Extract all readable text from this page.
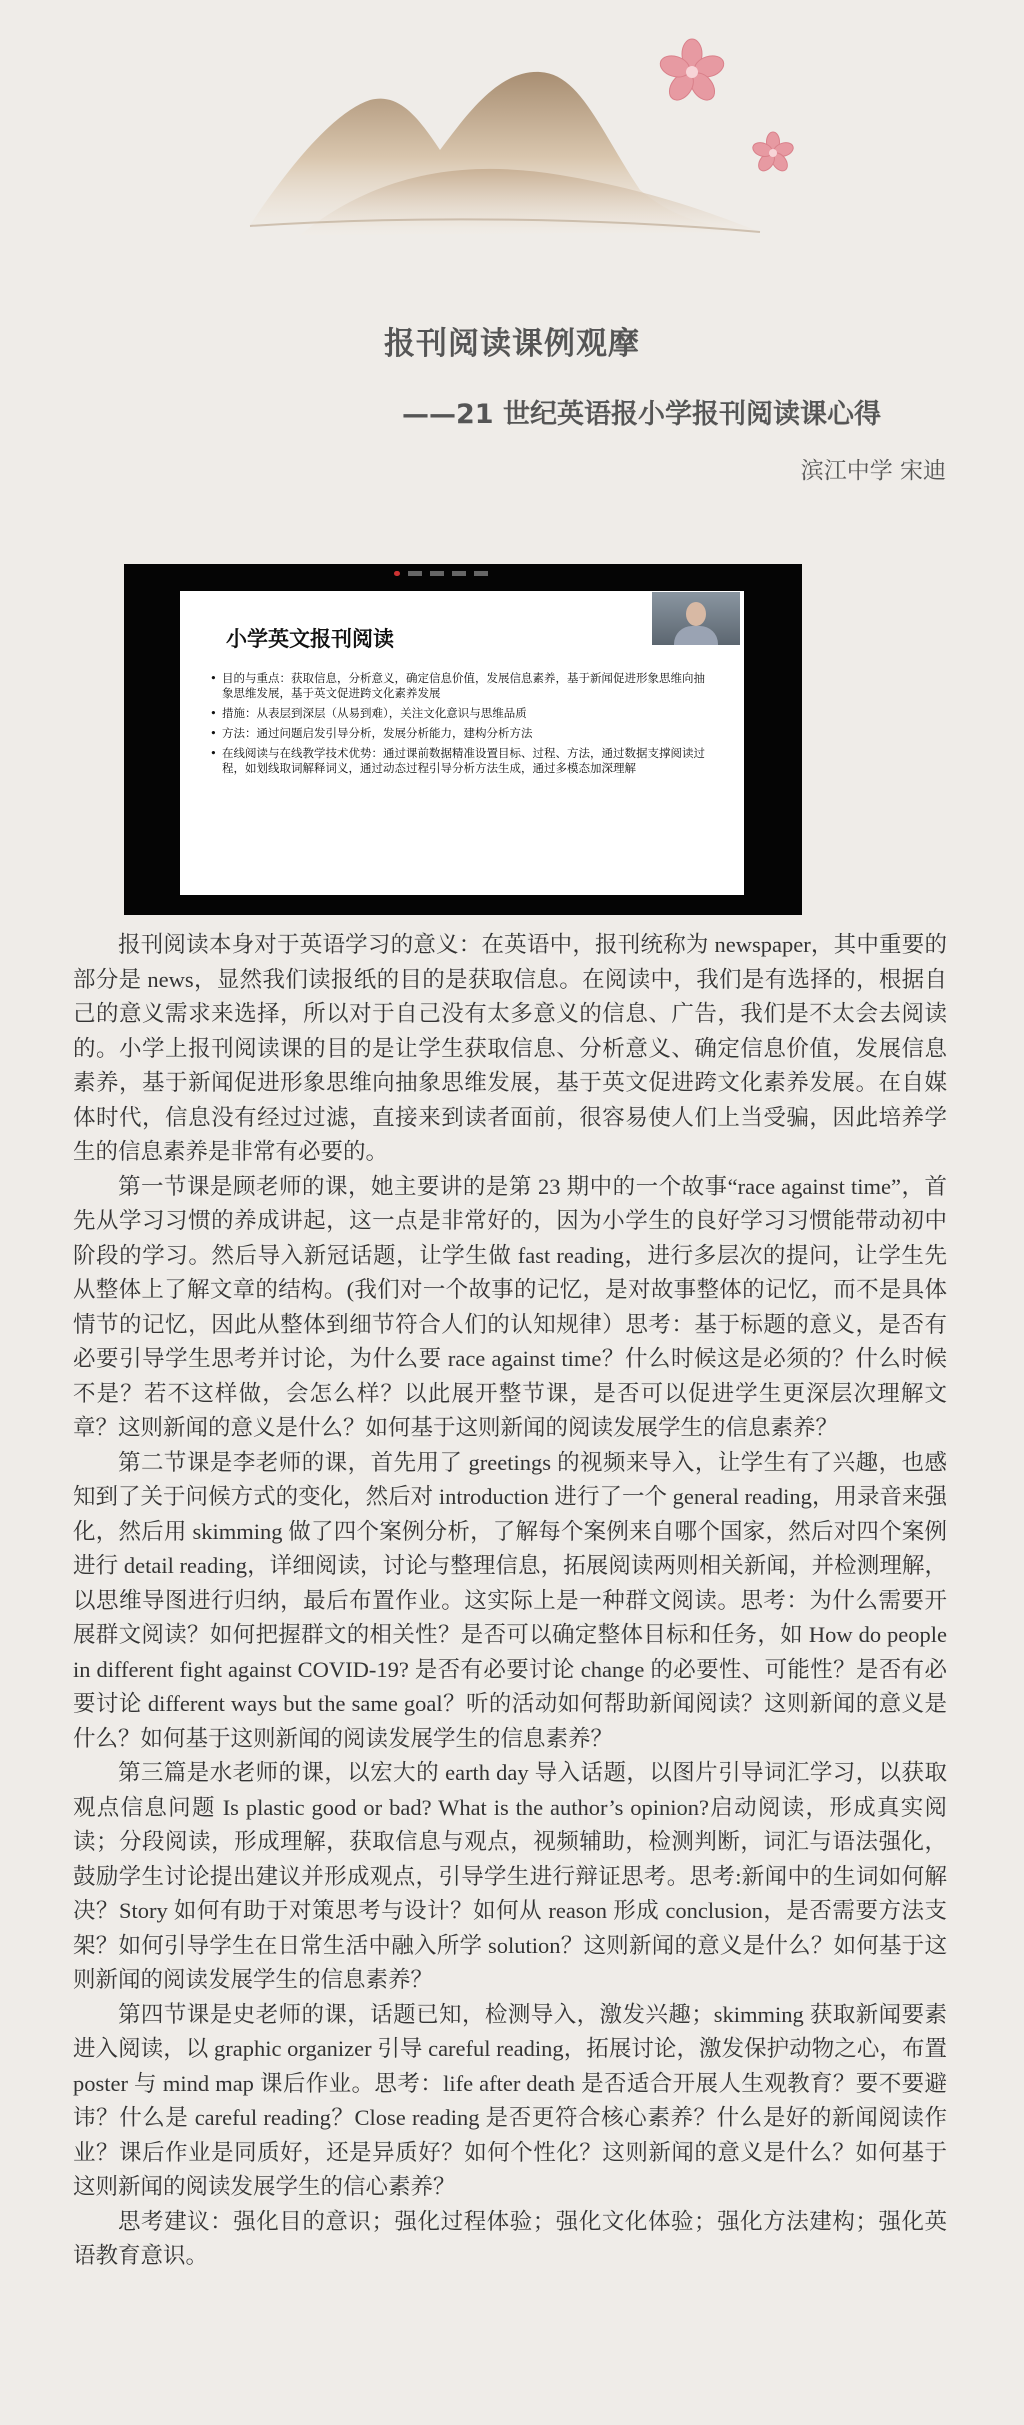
报刊阅读课例观摩
——21 世纪英语报小学报刊阅读课心得
滨江中学 宋迪
小学英文报刊阅读
• 目的与重点：获取信息，分析意义，确定信息价值，发展信息素养，基于新闻促进形象思维向抽象思维发展，基于英文促进跨文化素养发展
• 措施：从表层到深层（从易到难），关注文化意识与思维品质
• 方法：通过问题启发引导分析，发展分析能力，建构分析方法
• 在线阅读与在线教学技术优势：通过课前数据精准设置目标、过程、方法，通过数据支撑阅读过程，如划线取词解释词义，通过动态过程引导分析方法生成，通过多模态加深理解

报刊阅读本身对于英语学习的意义：在英语中，报刊统称为 newspaper，其中重要的部分是 news，显然我们读报纸的目的是获取信息。在阅读中，我们是有选择的，根据自己的意义需求来选择，所以对于自己没有太多意义的信息、广告，我们是不太会去阅读的。小学上报刊阅读课的目的是让学生获取信息、分析意义、确定信息价值，发展信息素养，基于新闻促进形象思维向抽象思维发展，基于英文促进跨文化素养发展。在自媒体时代，信息没有经过过滤，直接来到读者面前，很容易使人们上当受骗，因此培养学生的信息素养是非常有必要的。

第一节课是顾老师的课，她主要讲的是第 23 期中的一个故事“race against time”，首先从学习习惯的养成讲起，这一点是非常好的，因为小学生的良好学习习惯能带动初中阶段的学习。然后导入新冠话题，让学生做 fast reading，进行多层次的提问，让学生先从整体上了解文章的结构。(我们对一个故事的记忆，是对故事整体的记忆，而不是具体情节的记忆，因此从整体到细节符合人们的认知规律）思考：基于标题的意义，是否有必要引导学生思考并讨论，为什么要 race against time？什么时候这是必须的？什么时候不是？若不这样做，会怎么样？以此展开整节课，是否可以促进学生更深层次理解文章？这则新闻的意义是什么？如何基于这则新闻的阅读发展学生的信息素养？

第二节课是李老师的课，首先用了 greetings 的视频来导入，让学生有了兴趣，也感知到了关于问候方式的变化，然后对 introduction 进行了一个 general reading，用录音来强化，然后用 skimming 做了四个案例分析，了解每个案例来自哪个国家，然后对四个案例进行 detail reading，详细阅读，讨论与整理信息，拓展阅读两则相关新闻，并检测理解，以思维导图进行归纳，最后布置作业。这实际上是一种群文阅读。思考：为什么需要开展群文阅读？如何把握群文的相关性？是否可以确定整体目标和任务，如 How do people in different fight against COVID-19? 是否有必要讨论 change 的必要性、可能性？是否有必要讨论 different ways but the same goal？听的活动如何帮助新闻阅读？这则新闻的意义是什么？如何基于这则新闻的阅读发展学生的信息素养？

第三篇是水老师的课，以宏大的 earth day 导入话题，以图片引导词汇学习，以获取观点信息问题 Is plastic good or bad? What is the author’s opinion?启动阅读，形成真实阅读；分段阅读，形成理解，获取信息与观点，视频辅助，检测判断，词汇与语法强化，鼓励学生讨论提出建议并形成观点，引导学生进行辩证思考。思考:新闻中的生词如何解决？Story 如何有助于对策思考与设计？如何从 reason 形成 conclusion，是否需要方法支架？如何引导学生在日常生活中融入所学 solution？这则新闻的意义是什么？如何基于这则新闻的阅读发展学生的信息素养？

第四节课是史老师的课，话题已知，检测导入，激发兴趣；skimming 获取新闻要素进入阅读，以 graphic organizer 引导 careful reading，拓展讨论，激发保护动物之心，布置 poster 与 mind map 课后作业。思考：life after death 是否适合开展人生观教育？要不要避讳？什么是 careful reading？Close reading 是否更符合核心素养？什么是好的新闻阅读作业？课后作业是同质好，还是异质好？如何个性化？这则新闻的意义是什么？如何基于这则新闻的阅读发展学生的信心素养？

思考建议：强化目的意识；强化过程体验；强化文化体验；强化方法建构；强化英语教育意识。
